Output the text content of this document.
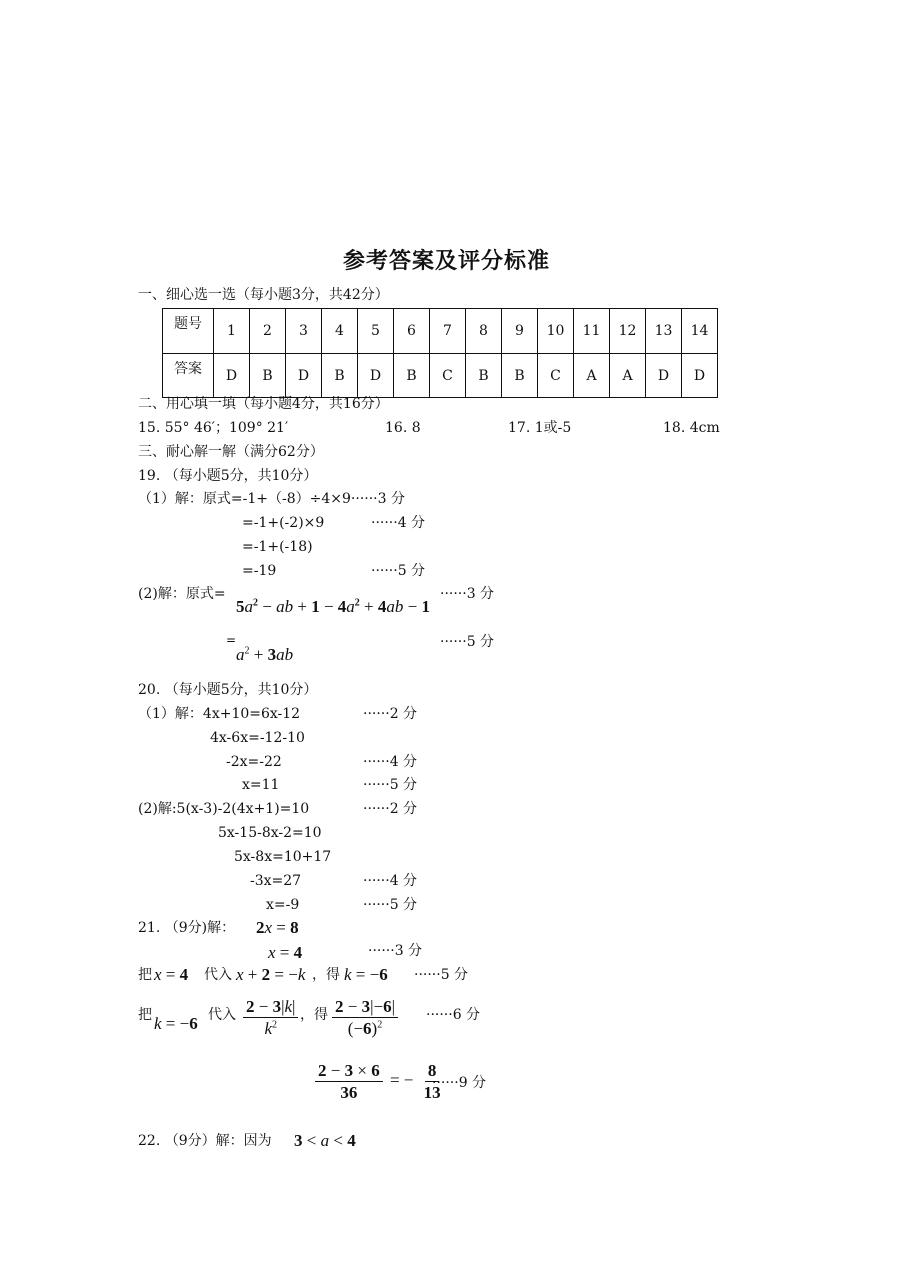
参考答案及评分标准
一、细心选一选（每小题3分，共42分）
题号	1	2	3	4	5	6	7	8	9	10	11	12	13	14
答案	D	B	D	B	D	B	C	B	B	C	A	A	D	D
二、用心填一填（每小题4分，共16分）
15. 55° 46′；109° 21′	16. 8	17. 1或-5	18. 4cm
三、耐心解一解（满分62分）
19. （每小题5分，共10分）
（1）解：原式=-1+（-8）÷4×9······3 分
=-1+(-2)×9	······4 分
=-1+(-18)
=-19	······5 分
(2)解：原式=
$5a^2$ − ab + $1 - 4a^2 + 4ab - 1$
······3 分
=
$a^2 + 3ab$
······5 分
20. （每小题5分，共10分）
（1）解：4x+10=6x-12	······2 分
4x-6x=-12-10
-2x=-22	······4 分
x=11	······5 分
(2)解:5(x-3)-2(4x+1)=10	······2 分
5x-15-8x-2=10
5x-8x=10+17
-3x=27	······4 分
x=-9	······5 分
21. （9分)解： 2x = 8
x = 4	······3 分
把 x = 4 代入 x + 2 = −k ，得 k = −6 ······5 分
把 k = −6 代入 $\frac{2 - 3|k|}{k^2}$ ，得 $\frac{2 - 3|-6|}{(-6)^2} \cdot\cdot\cdot\cdot\cdot\cdot 6$ 分
$\frac{2 - 3 \times 6}{36}$ = − $\frac{8}{13}$
······9 分
22. （9分）解：因为 3 < a < 4
